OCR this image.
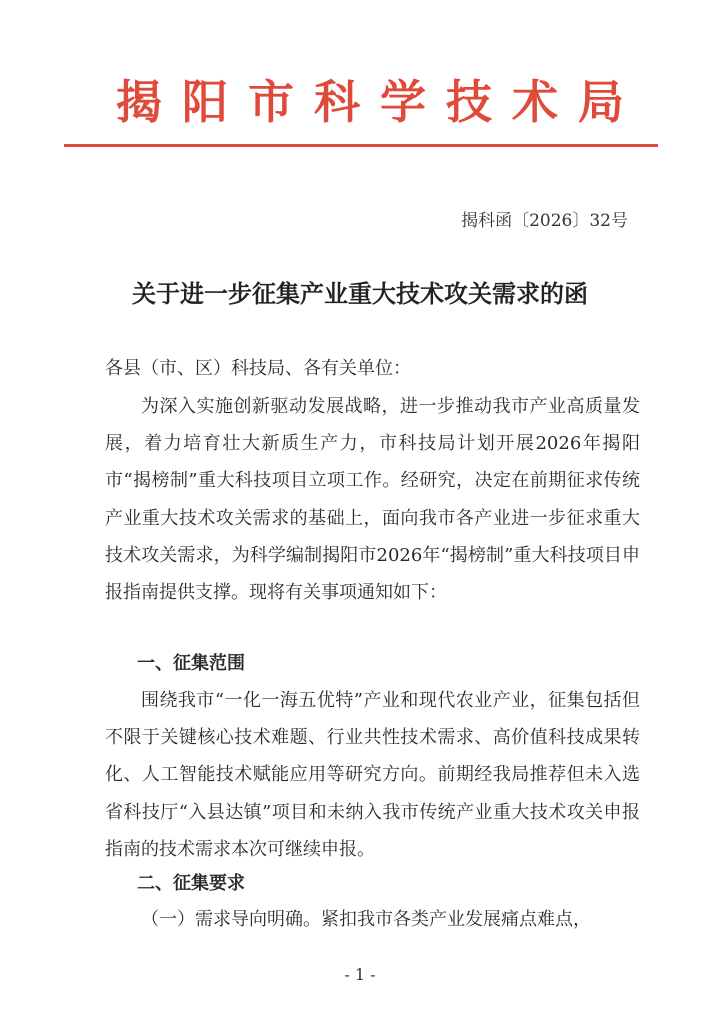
揭阳市科学技术局
揭科函〔2026〕32号
关于进一步征集产业重大技术攻关需求的函
各县（市、区）科技局、各有关单位：

为深入实施创新驱动发展战略，进一步推动我市产业高质量发展，着力培育壮大新质生产力，市科技局计划开展2026年揭阳市“揭榜制”重大科技项目立项工作。经研究，决定在前期征求传统产业重大技术攻关需求的基础上，面向我市各产业进一步征求重大技术攻关需求，为科学编制揭阳市2026年“揭榜制”重大科技项目申报指南提供支撑。现将有关事项通知如下：

一、征集范围

围绕我市“一化一海五优特”产业和现代农业产业，征集包括但不限于关键核心技术难题、行业共性技术需求、高价值科技成果转化、人工智能技术赋能应用等研究方向。前期经我局推荐但未入选省科技厅“入县达镇”项目和未纳入我市传统产业重大技术攻关申报指南的技术需求本次可继续申报。

二、征集要求
（一）需求导向明确。紧扣我市各类产业发展痛点难点，
- 1 -
